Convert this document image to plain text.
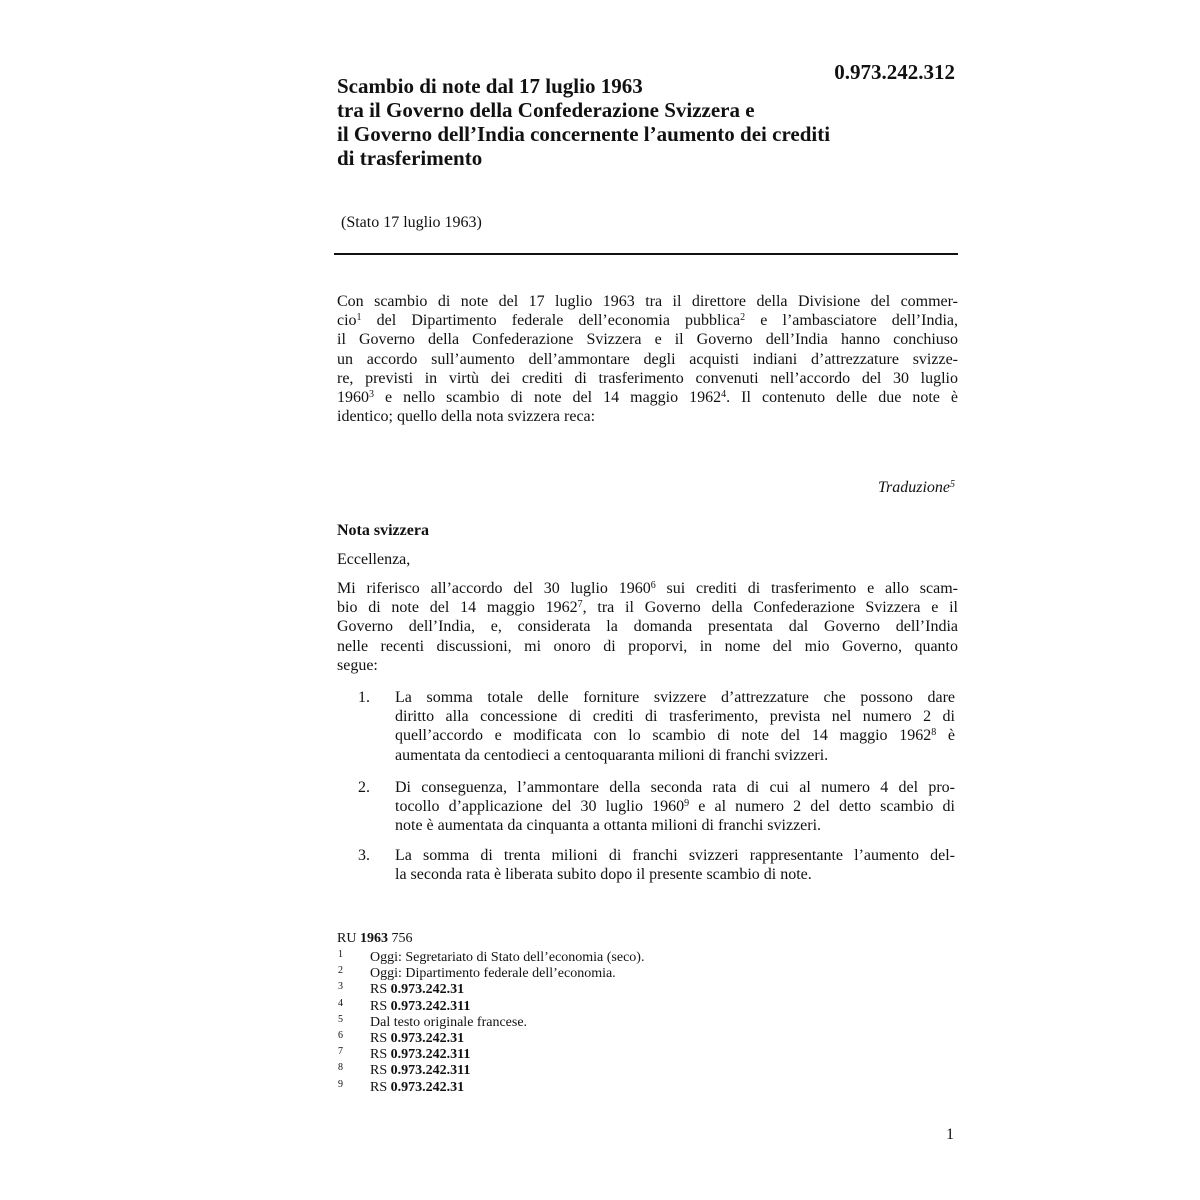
0.973.242.312
Scambio di note dal 17 luglio 1963
tra il Governo della Confederazione Svizzera e
il Governo dell’India concernente l’aumento dei crediti
di trasferimento
(Stato 17 luglio 1963)
Con scambio di note del 17 luglio 1963 tra il direttore della Divisione del commer-
cio$^1$ del Dipartimento federale dell’economia pubblica$^2$ e l’ambasciatore dell’India,
il Governo della Confederazione Svizzera e il Governo dell’India hanno conchiuso
un accordo sull’aumento dell’ammontare degli acquisti indiani d’attrezzature svizze-
re, previsti in virtù dei crediti di trasferimento convenuti nell’accordo del 30 luglio
1960$^3$ e nello scambio di note del 14 maggio 1962$^4$. Il contenuto delle due note è
identico; quello della nota svizzera reca:
Traduzione$^5$
Nota svizzera
Eccellenza,
Mi riferisco all’accordo del 30 luglio 1960$^6$ sui crediti di trasferimento e allo scam-
bio di note del 14 maggio 1962$^7$, tra il Governo della Confederazione Svizzera e il
Governo dell’India, e, considerata la domanda presentata dal Governo dell’India
nelle recenti discussioni, mi onoro di proporvi, in nome del mio Governo, quanto
segue:
1. La somma totale delle forniture svizzere d’attrezzature che possono dare
diritto alla concessione di crediti di trasferimento, prevista nel numero 2 di
quell’accordo e modificata con lo scambio di note del 14 maggio 1962$^8$ è
aumentata da centodieci a centoquaranta milioni di franchi svizzeri.
2. Di conseguenza, l’ammontare della seconda rata di cui al numero 4 del pro-
tocollo d’applicazione del 30 luglio 1960$^9$ e al numero 2 del detto scambio di
note è aumentata da cinquanta a ottanta milioni di franchi svizzeri.
3. La somma di trenta milioni di franchi svizzeri rappresentante l’aumento del-
la seconda rata è liberata subito dopo il presente scambio di note.
RU 1963 756
1 Oggi: Segretariato di Stato dell’economia (seco).
2 Oggi: Dipartimento federale dell’economia.
3 RS 0.973.242.31
4 RS 0.973.242.311
5 Dal testo originale francese.
6 RS 0.973.242.31
7 RS 0.973.242.311
8 RS 0.973.242.311
9 RS 0.973.242.31
1
